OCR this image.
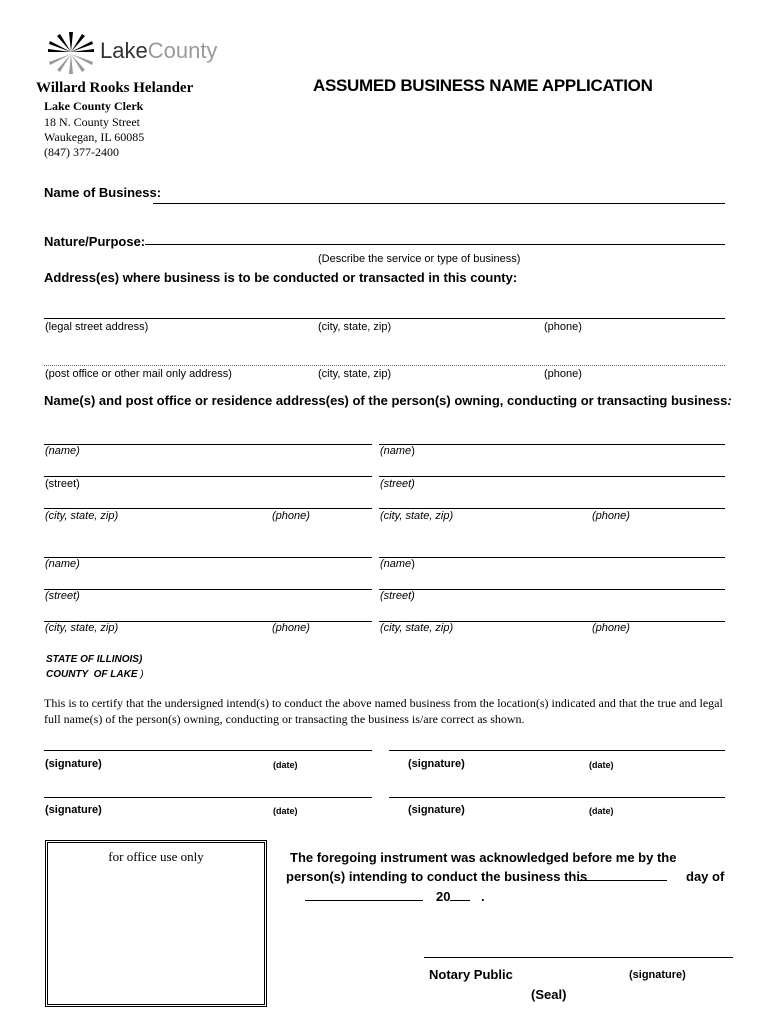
LakeCounty
Willard Rooks Helander
Lake County Clerk
18 N. County Street
Waukegan, IL 60085
(847) 377-2400
ASSUMED BUSINESS NAME APPLICATION
Name of Business:
Nature/Purpose:
(Describe the service or type of business)
Address(es) where business is to be conducted or transacted in this county:
(legal street address)	(city, state, zip)	(phone)
(post office or other mail only address)	(city, state, zip)	(phone)
Name(s) and post office or residence address(es) of the person(s) owning, conducting or transacting business:
(name)
(street)
(city, state, zip)	(phone)
(name)
(street)
(city, state, zip)	(phone)
(name)
(street)
(city, state, zip)	(phone)
(name)
(street)
(city, state, zip)	(phone)
STATE OF ILLINOIS)
COUNTY  OF LAKE )
This is to certify that the undersigned intend(s) to conduct the above named business from the location(s) indicated and that the true and legal full name(s) of the person(s) owning, conducting or transacting the business is/are correct as shown.
(signature)	(date)	(signature)	(date)
(signature)	(date)	(signature)	(date)
for office use only	The foregoing instrument was acknowledged before me by the
person(s) intending to conduct the business this	day of
20 .
Notary Public	(signature)
(Seal)
